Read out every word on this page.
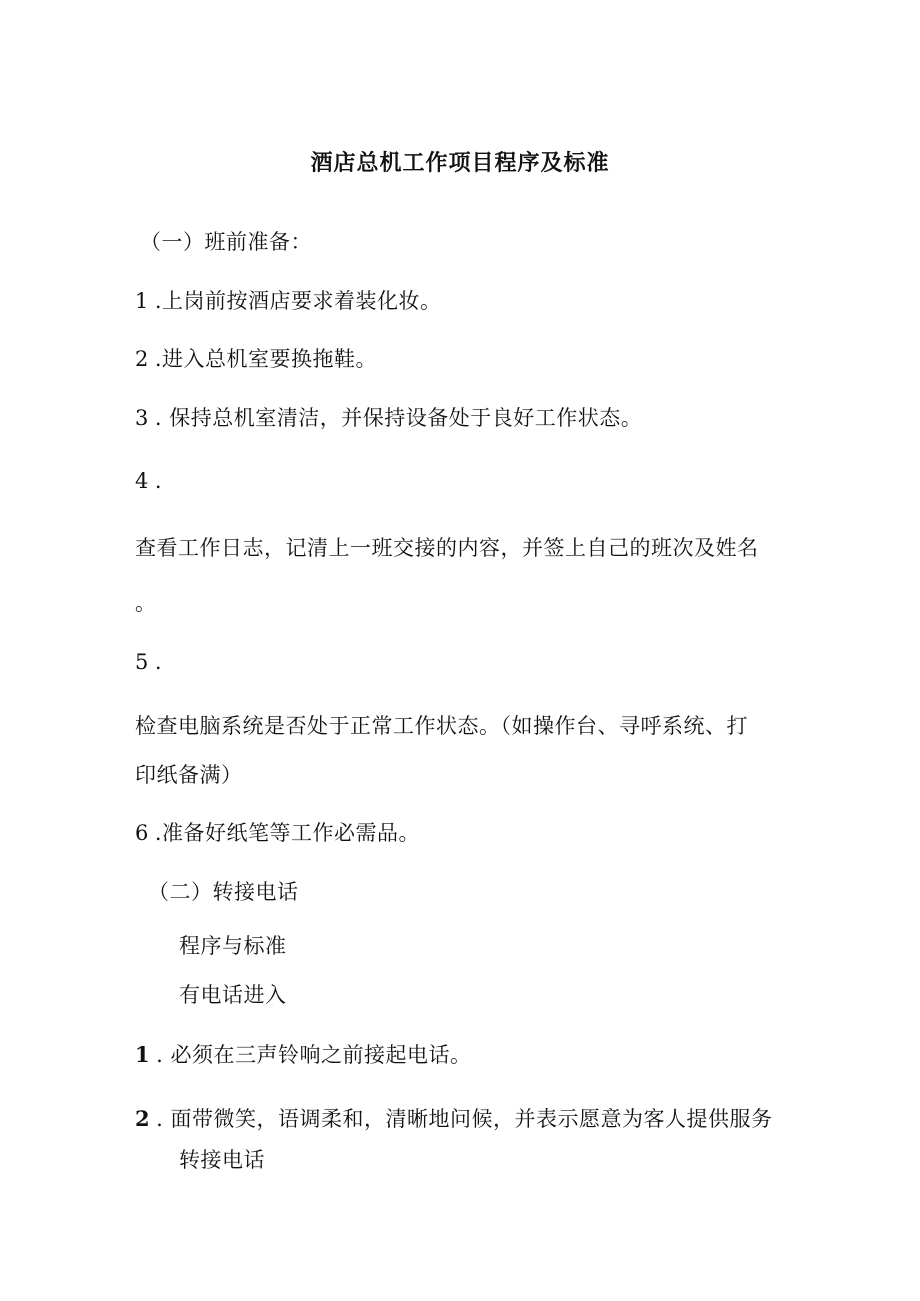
酒店总机工作项目程序及标准
（一）班前准备：
1 .上岗前按酒店要求着装化妆。
2 .进入总机室要换拖鞋。
3 . 保持总机室清洁，并保持设备处于良好工作状态。
4 .
查看工作日志，记清上一班交接的内容，并签上自己的班次及姓名
。
5 .
检查电脑系统是否处于正常工作状态。（如操作台、寻呼系统、打
印纸备满）
6 .准备好纸笔等工作必需品。
（二）转接电话
程序与标准
有电话进入
1 . 必须在三声铃响之前接起电话。
2 . 面带微笑，语调柔和，清晰地问候，并表示愿意为客人提供服务
转接电话
